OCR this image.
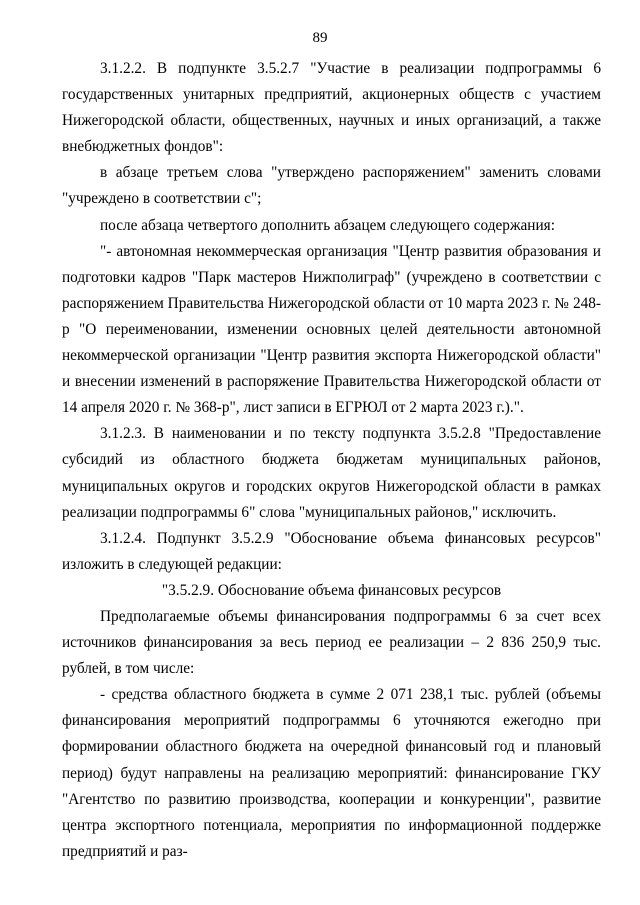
89

3.1.2.2. В подпункте 3.5.2.7 "Участие в реализации подпрограммы 6 государственных унитарных предприятий, акционерных обществ с участием Нижегородской области, общественных, научных и иных организаций, а также внебюджетных фондов":

в абзаце третьем слова "утверждено распоряжением" заменить словами "учреждено в соответствии с";

после абзаца четвертого дополнить абзацем следующего содержания:

"- автономная некоммерческая организация "Центр развития образования и подготовки кадров "Парк мастеров Нижполиграф" (учреждено в соответствии с распоряжением Правительства Нижегородской области от 10 марта 2023 г. № 248-р "О переименовании, изменении основных целей деятельности автономной некоммерческой организации "Центр развития экспорта Нижегородской области" и внесении изменений в распоряжение Правительства Нижегородской области от 14 апреля 2020 г. № 368-р", лист записи в ЕГРЮЛ от 2 марта 2023 г.).".

3.1.2.3. В наименовании и по тексту подпункта 3.5.2.8 "Предоставление субсидий из областного бюджета бюджетам муниципальных районов, муниципальных округов и городских округов Нижегородской области в рамках реализации подпрограммы 6" слова "муниципальных районов," исключить.

3.1.2.4. Подпункт 3.5.2.9 "Обоснование объема финансовых ресурсов" изложить в следующей редакции:

"3.5.2.9. Обоснование объема финансовых ресурсов

Предполагаемые объемы финансирования подпрограммы 6 за счет всех источников финансирования за весь период ее реализации – 2 836 250,9 тыс. рублей, в том числе:

- средства областного бюджета в сумме 2 071 238,1 тыс. рублей (объемы финансирования мероприятий подпрограммы 6 уточняются ежегодно при формировании областного бюджета на очередной финансовый год и плановый период) будут направлены на реализацию мероприятий: финансирование ГКУ "Агентство по развитию производства, кооперации и конкуренции", развитие центра экспортного потенциала, мероприятия по информационной поддержке предприятий и раз-
